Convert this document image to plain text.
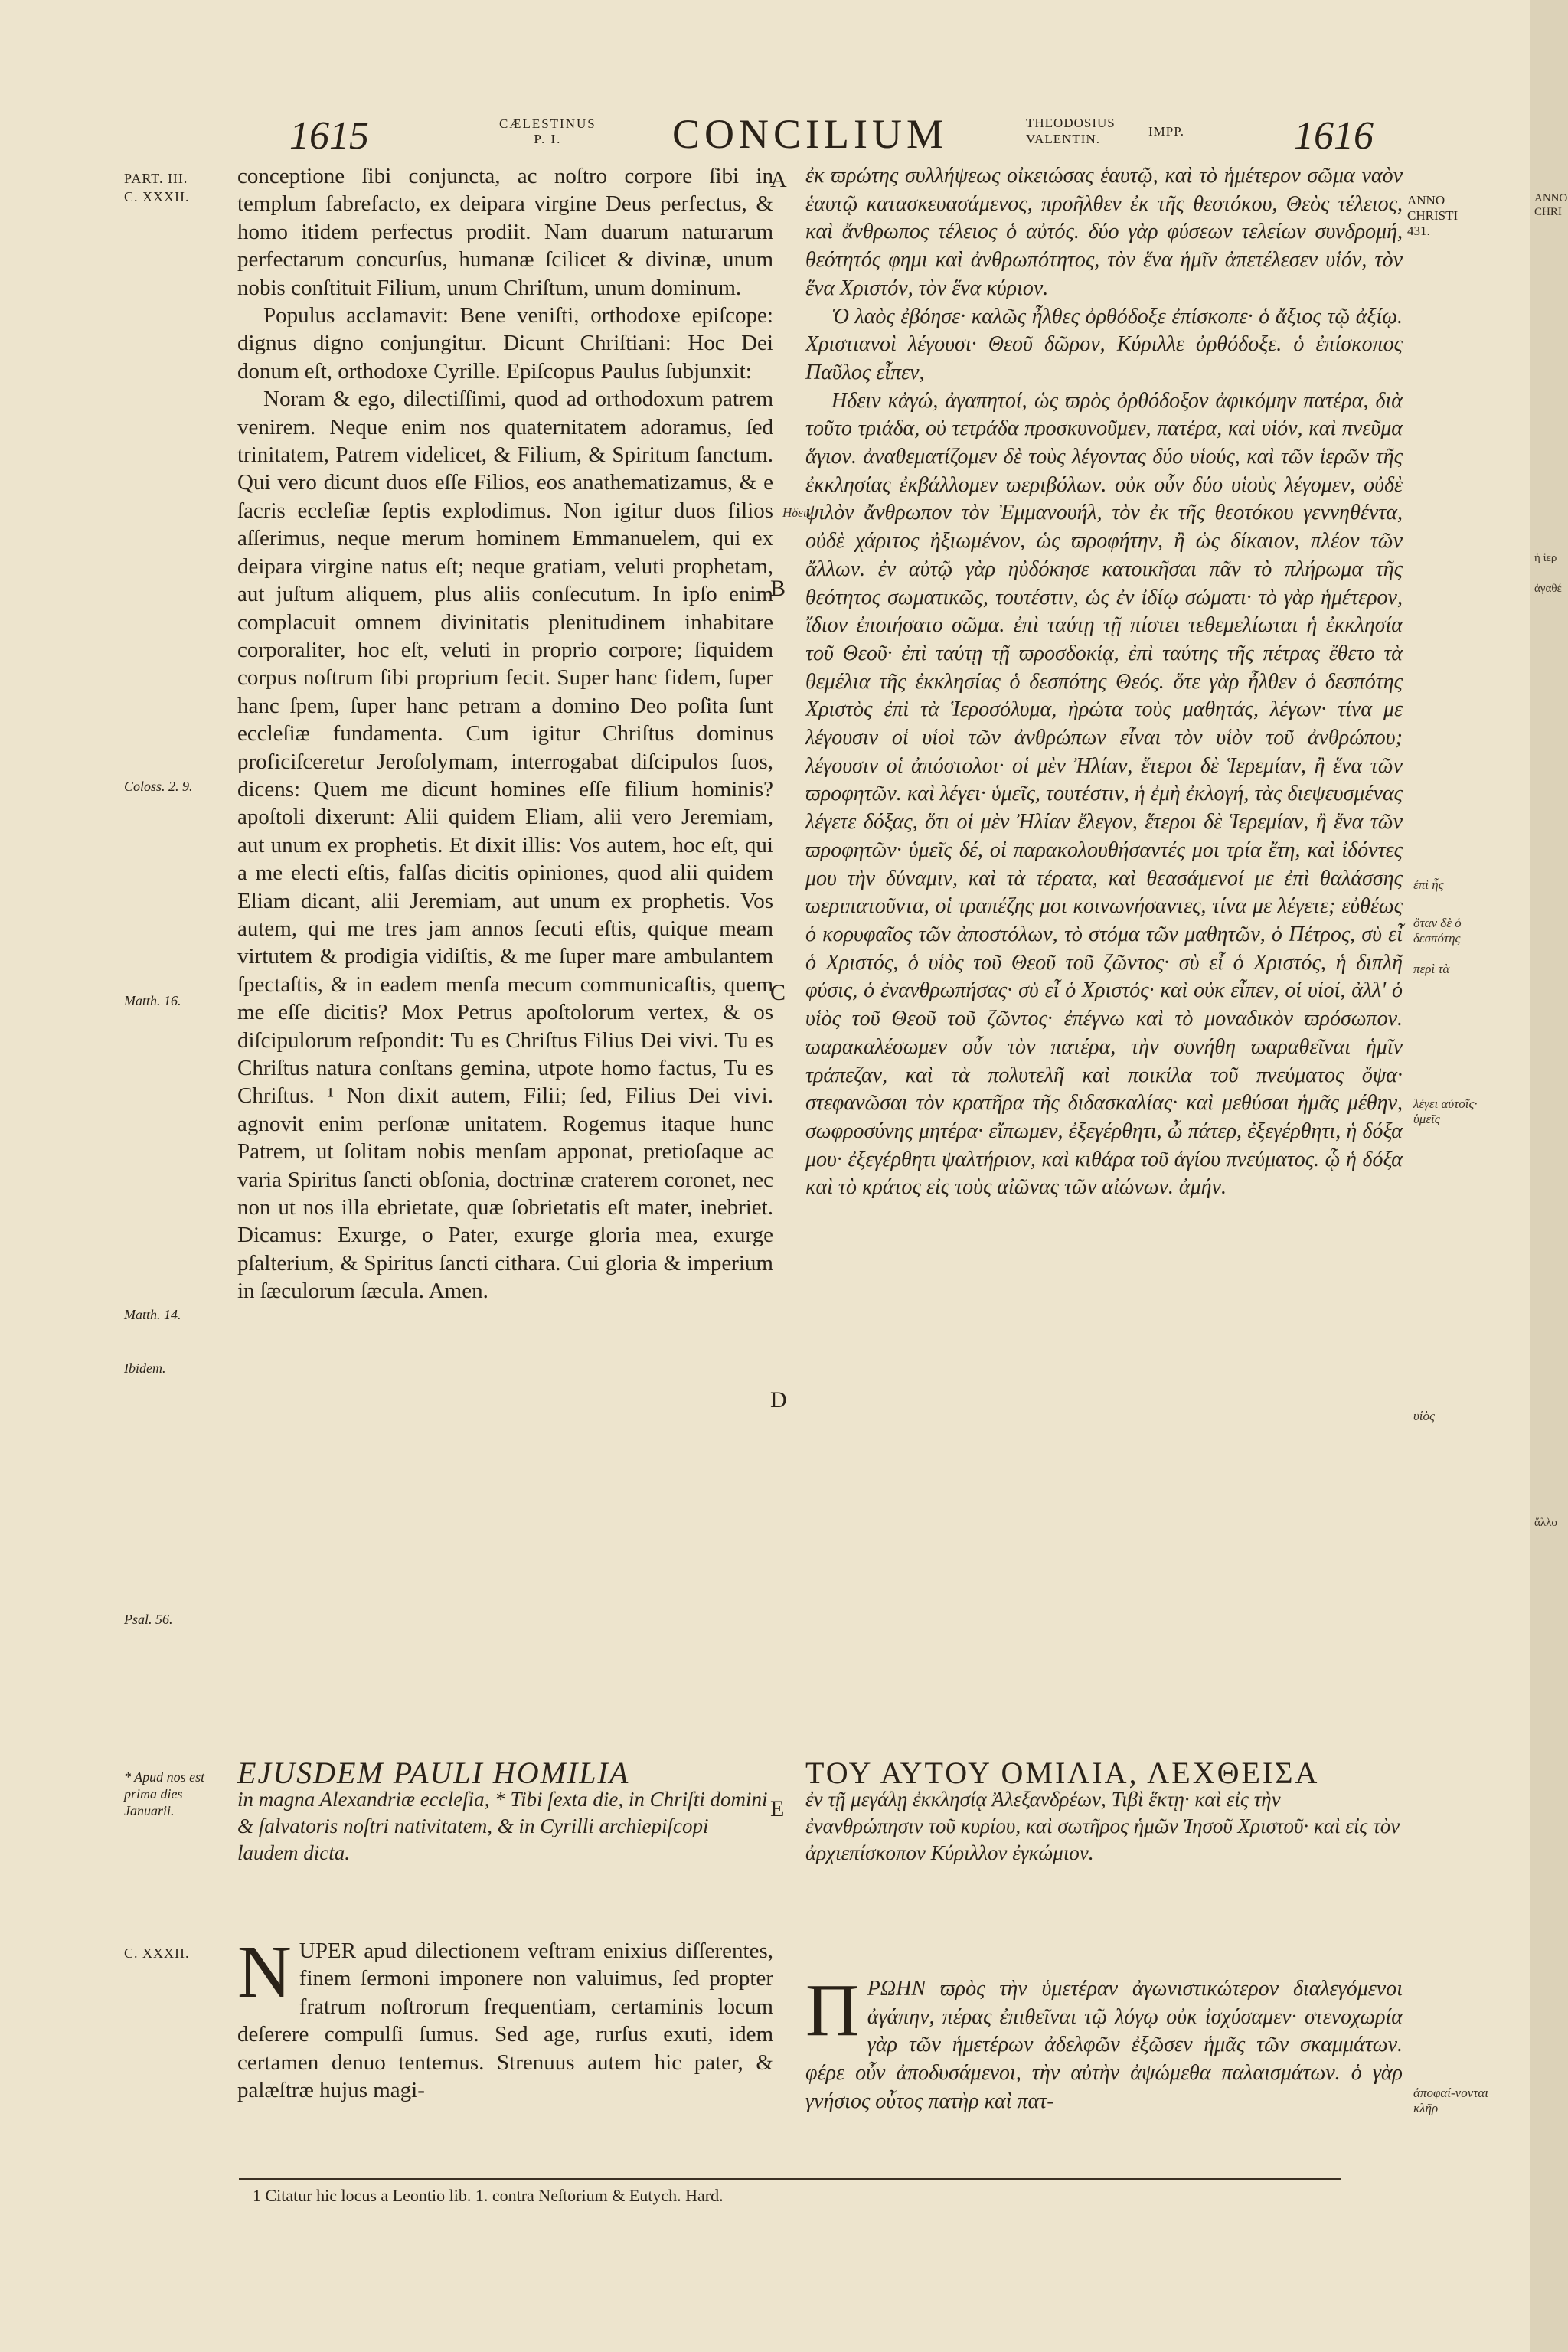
ANNO CHRI
ἡ ἱερ
ἀγαθέ
ἄλλο
1615	CÆLESTINUS
P. I.	CONCILIUM	THEODOSIUS
VALENTIN.
IMPP.	1616
PART. III.
C. XXXII.
Coloss. 2. 9.
Matth. 16.
Matth. 14.
Ibidem.
Psal. 56.
* Apud nos est prima dies Januarii.
C. XXXII.
A
B
C
D
E
ANNO
CHRISTI
431.
Ηδειν
ἐπὶ ἧς
ὅταν δὲ ὁ δεσπότης
περὶ τὰ
λέγει αὐτοῖς· ὑμεῖς
υἱὸς
ἀποφαί-νονται κλῆρ

conceptione ſibi conjuncta, ac noſtro corpore ſibi in templum fabrefacto, ex deipara virgine Deus perfectus, & homo itidem perfectus prodiit. Nam duarum naturarum perfectarum concurſus, humanæ ſcilicet & divinæ, unum nobis conſtituit Filium, unum Chriſtum, unum dominum.

Populus acclamavit: Bene veniſti, orthodoxe epiſcope: dignus digno conjungitur. Dicunt Chriſtiani: Hoc Dei donum eſt, orthodoxe Cyrille. Epiſcopus Paulus ſubjunxit:

Noram & ego, dilectiſſimi, quod ad orthodoxum patrem venirem. Neque enim nos quaternitatem adoramus, ſed trinitatem, Patrem videlicet, & Filium, & Spiritum ſanctum. Qui vero dicunt duos eſſe Filios, eos anathematizamus, & e ſacris eccleſiæ ſeptis explodimus. Non igitur duos filios aſſerimus, neque merum hominem Emmanuelem, qui ex deipara virgine natus eſt; neque gratiam, veluti prophetam, aut juſtum aliquem, plus aliis conſecutum. In ipſo enim complacuit omnem divinitatis plenitudinem inhabitare corporaliter, hoc eſt, veluti in proprio corpore; ſiquidem corpus noſtrum ſibi proprium fecit. Super hanc fidem, ſuper hanc ſpem, ſuper hanc petram a domino Deo poſita ſunt eccleſiæ fundamenta. Cum igitur Chriſtus dominus proficiſceretur Jeroſolymam, interrogabat diſcipulos ſuos, dicens: Quem me dicunt homines eſſe filium hominis? apoſtoli dixerunt: Alii quidem Eliam, alii vero Jeremiam, aut unum ex prophetis. Et dixit illis: Vos autem, hoc eſt, qui a me electi eſtis, falſas dicitis opiniones, quod alii quidem Eliam dicant, alii Jeremiam, aut unum ex prophetis. Vos autem, qui me tres jam annos ſecuti eſtis, quique meam virtutem & prodigia vidiſtis, & me ſuper mare ambulantem ſpectaſtis, & in eadem menſa mecum communicaſtis, quem me eſſe dicitis? Mox Petrus apoſtolorum vertex, & os diſcipulorum reſpondit: Tu es Chriſtus Filius Dei vivi. Tu es Chriſtus natura conſtans gemina, utpote homo factus, Tu es Chriſtus. ¹ Non dixit autem, Filii; ſed, Filius Dei vivi. agnovit enim perſonæ unitatem. Rogemus itaque hunc Patrem, ut ſolitam nobis menſam apponat, pretioſaque ac varia Spiritus ſancti obſonia, doctrinæ craterem coronet, nec non ut nos illa ebrietate, quæ ſobrietatis eſt mater, inebriet. Dicamus: Exurge, o Pater, exurge gloria mea, exurge pſalterium, & Spiritus ſancti cithara. Cui gloria & imperium in ſæculorum ſæcula. Amen.

ἐκ ϖρώτης συλλήψεως οἰκειώσας ἑαυτῷ, καὶ τὸ ἡμέτερον σῶμα ναὸν ἑαυτῷ κατασκευασάμενος, προῆλθεν ἐκ τῆς θεοτόκου, Θεὸς τέλειος, καὶ ἄνθρωπος τέλειος ὁ αὐτός. δύο γὰρ φύσεων τελείων συνδρομή, θεότητός φημι καὶ ἀνθρωπότητος, τὸν ἕνα ἡμῖν ἀπετέλεσεν υἱόν, τὸν ἕνα Χριστόν, τὸν ἕνα κύριον.

Ὁ λαὸς ἐβόησε· καλῶς ἦλθες ὀρθόδοξε ἐπίσκοπε· ὁ ἄξιος τῷ ἀξίῳ. Χριστιανοὶ λέγουσι· Θεοῦ δῶρον, Κύριλλε ὀρθόδοξε. ὁ ἐπίσκοπος Παῦλος εἶπεν,

Ηδειν κἀγώ, ἀγαπητοί, ὡς ϖρὸς ὀρθόδοξον ἀφικόμην πατέρα, διὰ τοῦτο τριάδα, οὐ τετράδα προσκυνοῦμεν, πατέρα, καὶ υἱόν, καὶ πνεῦμα ἅγιον. ἀναθεματίζομεν δὲ τοὺς λέγοντας δύο υἱούς, καὶ τῶν ἱερῶν τῆς ἐκκλησίας ἐκβάλλομεν ϖεριβόλων. οὐκ οὖν δύο υἱοὺς λέγομεν, οὐδὲ ψιλὸν ἄνθρωπον τὸν Ἐμμανουήλ, τὸν ἐκ τῆς θεοτόκου γεννηθέντα, οὐδὲ χάριτος ἠξιωμένον, ὡς ϖροφήτην, ἢ ὡς δίκαιον, πλέον τῶν ἄλλων. ἐν αὐτῷ γὰρ ηὐδόκησε κατοικῆσαι πᾶν τὸ πλήρωμα τῆς θεότητος σωματικῶς, τουτέστιν, ὡς ἐν ἰδίῳ σώματι· τὸ γὰρ ἡμέτερον, ἴδιον ἐποιήσατο σῶμα. ἐπὶ ταύτῃ τῇ πίστει τεθεμελίωται ἡ ἐκκλησία τοῦ Θεοῦ· ἐπὶ ταύτῃ τῇ ϖροσδοκίᾳ, ἐπὶ ταύτης τῆς πέτρας ἔθετο τὰ θεμέλια τῆς ἐκκλησίας ὁ δεσπότης Θεός. ὅτε γὰρ ἦλθεν ὁ δεσπότης Χριστὸς ἐπὶ τὰ Ἱεροσόλυμα, ἠρώτα τοὺς μαθητάς, λέγων· τίνα με λέγουσιν οἱ υἱοὶ τῶν ἀνθρώπων εἶναι τὸν υἱὸν τοῦ ἀνθρώπου; λέγουσιν οἱ ἀπόστολοι· οἱ μὲν Ἠλίαν, ἕτεροι δὲ Ἱερεμίαν, ἢ ἕνα τῶν ϖροφητῶν. καὶ λέγει· ὑμεῖς, τουτέστιν, ἡ ἐμὴ ἐκλογή, τὰς διεψευσμένας λέγετε δόξας, ὅτι οἱ μὲν Ἠλίαν ἔλεγον, ἕτεροι δὲ Ἱερεμίαν, ἢ ἕνα τῶν ϖροφητῶν· ὑμεῖς δέ, οἱ παρακολουθήσαντές μοι τρία ἔτη, καὶ ἰδόντες μου τὴν δύναμιν, καὶ τὰ τέρατα, καὶ θεασάμενοί με ἐπὶ θαλάσσης ϖεριπατοῦντα, οἱ τραπέζης μοι κοινωνήσαντες, τίνα με λέγετε; εὐθέως ὁ κορυφαῖος τῶν ἀποστόλων, τὸ στόμα τῶν μαθητῶν, ὁ Πέτρος, σὺ εἶ ὁ Χριστός, ὁ υἱὸς τοῦ Θεοῦ τοῦ ζῶντος· σὺ εἶ ὁ Χριστός, ἡ διπλῆ φύσις, ὁ ἐνανθρωπήσας· σὺ εἶ ὁ Χριστός· καὶ οὐκ εἶπεν, οἱ υἱοί, ἀλλ' ὁ υἱὸς τοῦ Θεοῦ τοῦ ζῶντος· ἐπέγνω καὶ τὸ μοναδικὸν ϖρόσωπον. ϖαρακαλέσωμεν οὖν τὸν πατέρα, τὴν συνήθη ϖαραθεῖναι ἡμῖν τράπεζαν, καὶ τὰ πολυτελῆ καὶ ποικίλα τοῦ πνεύματος ὄψα· στεφανῶσαι τὸν κρατῆρα τῆς διδασκαλίας· καὶ μεθύσαι ἡμᾶς μέθην, σωφροσύνης μητέρα· εἴπωμεν, ἐξεγέρθητι, ὦ πάτερ, ἐξεγέρθητι, ἡ δόξα μου· ἐξεγέρθητι ψαλτήριον, καὶ κιθάρα τοῦ ἁγίου πνεύματος. ᾧ ἡ δόξα καὶ τὸ κράτος εἰς τοὺς αἰῶνας τῶν αἰώνων. ἀμήν.

EJUSDEM PAULI HOMILIA
in magna Alexandriæ eccleſia, * Tibi ſexta die, in Chriſti domini & ſalvatoris noſtri nativitatem, & in Cyrilli archiepiſcopi laudem dicta.
ΤΟΥ ΑΥΤΟΥ ΟΜΙΛΙΑ, ΛΕΧΘΕΙΣΑ
ἐν τῇ μεγάλῃ ἐκκλησίᾳ Ἀλεξανδρέων, Τιβὶ ἕκτῃ· καὶ εἰς τὴν ἐνανθρώπησιν τοῦ κυρίου, καὶ σωτῆρος ἡμῶν Ἰησοῦ Χριστοῦ· καὶ εἰς τὸν ἀρχιεπίσκοπον Κύριλλον ἐγκώμιον.
N UPER apud dilectionem veſtram enixius diſſerentes, finem ſermoni imponere non valuimus, ſed propter fratrum noſtrorum frequentiam, certaminis locum deſerere compulſi ſumus. Sed age, rurſus exuti, idem certamen denuo tentemus. Strenuus autem hic pater, & palæſtræ hujus magi-
Π ΡΩΗΝ ϖρὸς τὴν ὑμετέραν ἀγωνιστικώτερον διαλεγόμενοι ἀγάπην, πέρας ἐπιθεῖναι τῷ λόγῳ οὐκ ἰσχύσαμεν· στενοχωρία γὰρ τῶν ἡμετέρων ἀδελφῶν ἐξῶσεν ἡμᾶς τῶν σκαμμάτων. φέρε οὖν ἀποδυσάμενοι, τὴν αὐτὴν ἀψώμεθα παλαισμάτων. ὁ γὰρ γνήσιος οὗτος πατὴρ καὶ πατ-
1 Citatur hic locus a Leontio lib. 1. contra Neſtorium & Eutych. Hard.
